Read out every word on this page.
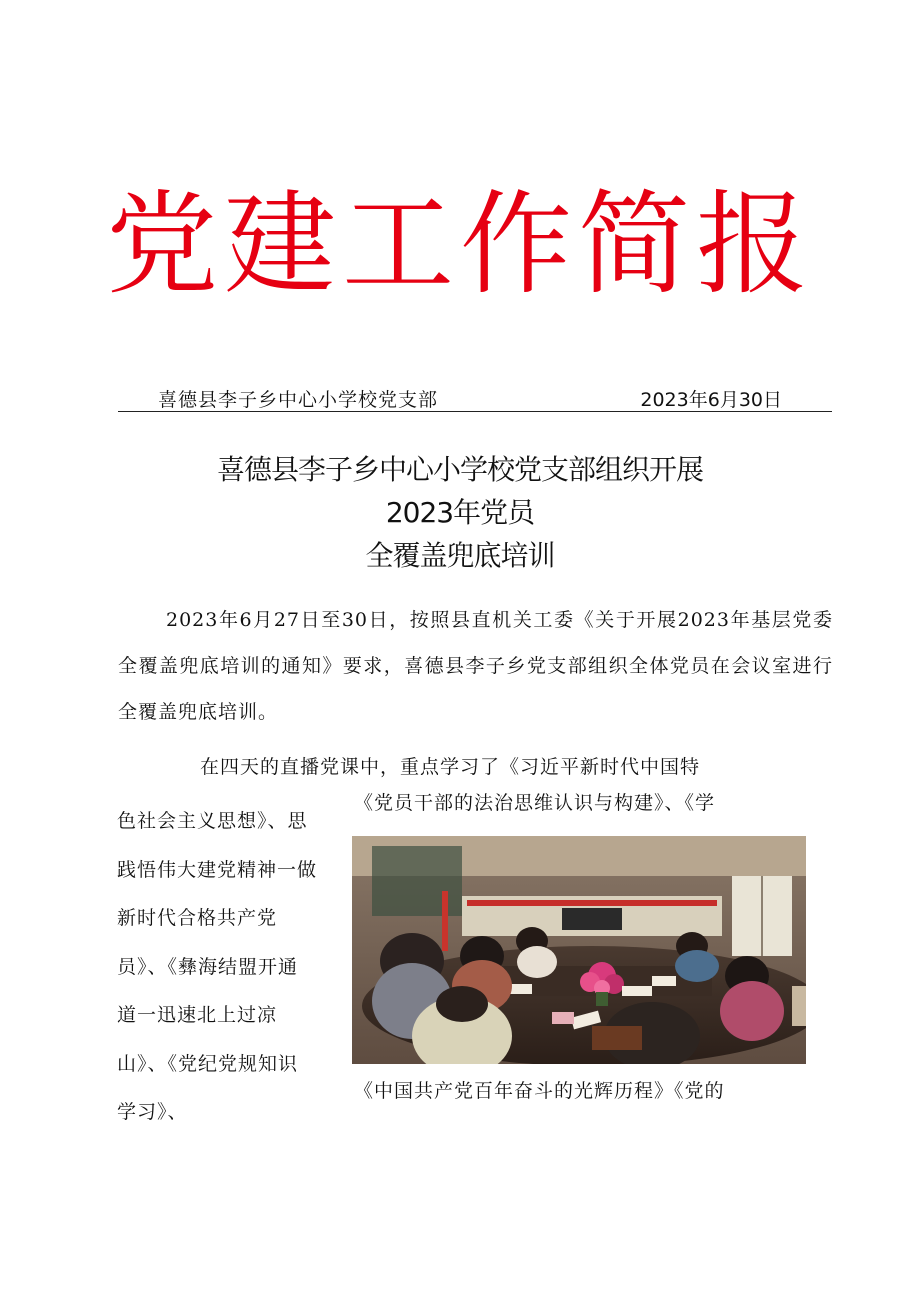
党建工作简报
喜德县李子乡中心小学校党支部	2023年6月30日
喜德县李子乡中心小学校党支部组织开展
2023年党员
全覆盖兜底培训
2023年6月27日至30日，按照县直机关工委《关于开展2023年基层党委全覆盖兜底培训的通知》要求，喜德县李子乡党支部组织全体党员在会议室进行全覆盖兜底培训。
在四天的直播党课中，重点学习了《习近平新时代中国特
《党员干部的法治思维认识与构建》、《学
色社会主义思想》、思
践悟伟大建党精神一做
新时代合格共产党
员》、《彝海结盟开通
道一迅速北上过凉
山》、《党纪党规知识
学习》、
《中国共产党百年奋斗的光辉历程》《党的
